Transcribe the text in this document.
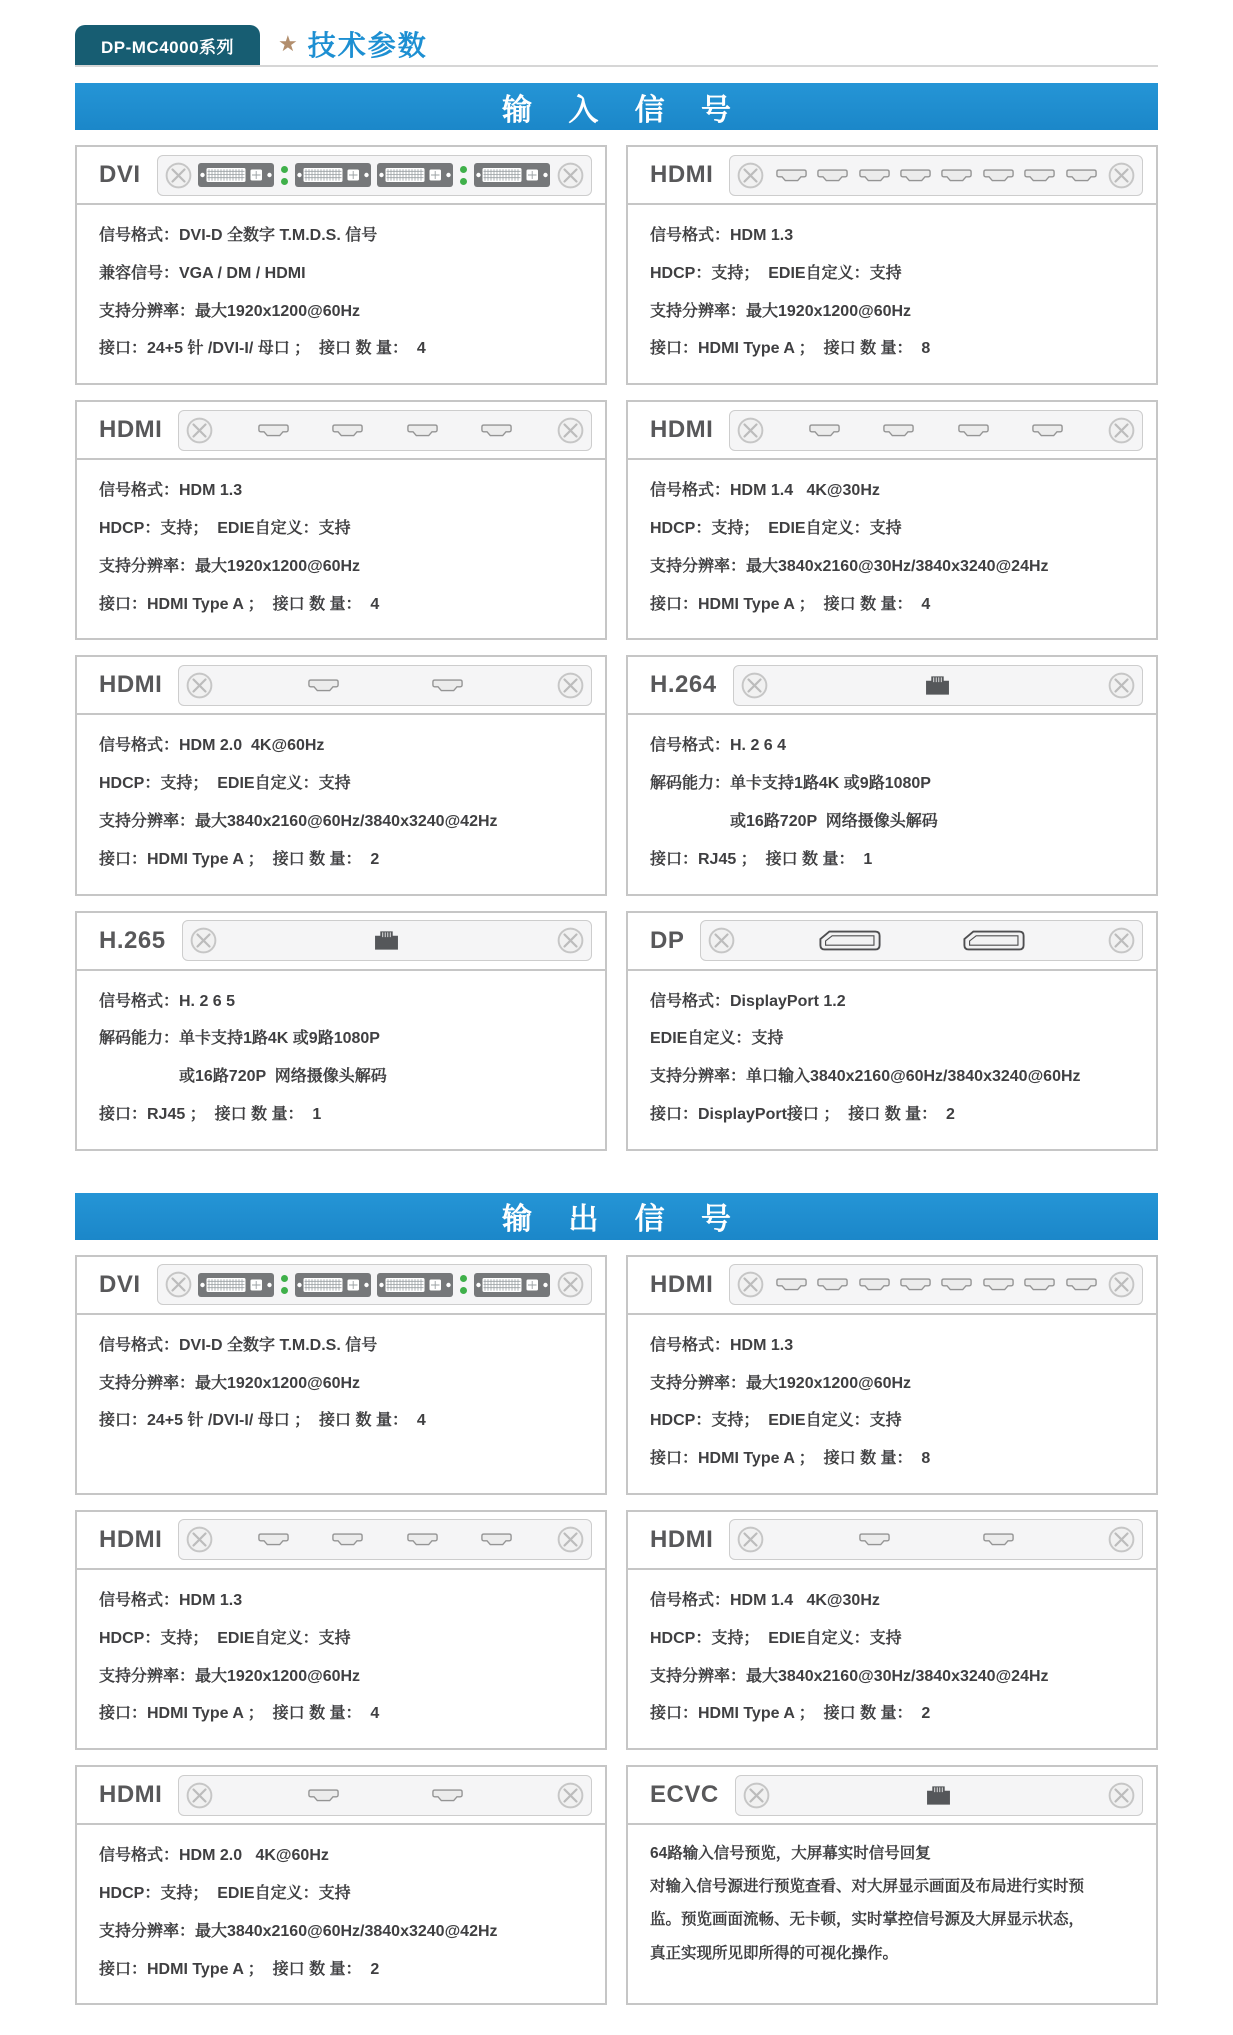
DP-MC4000系列	★ 技术参数
输 入 信 号
DVI

信号格式：DVI-D 全数字 T.M.D.S. 信号

兼容信号：VGA / DM / HDMI

支持分辨率：最大1920x1200@60Hz

接口：24+5 针 /DVI-I/ 母口 ；  接口 数 量：  4

HDMI

信号格式：HDM 1.3

HDCP：支持；  EDIE自定义：支持

支持分辨率：最大1920x1200@60Hz

接口：HDMI Type A ；  接口 数 量：  8

HDMI

信号格式：HDM 1.3

HDCP：支持；  EDIE自定义：支持

支持分辨率：最大1920x1200@60Hz

接口：HDMI Type A ；  接口 数 量：  4

HDMI

信号格式：HDM 1.4   4K@30Hz

HDCP：支持；  EDIE自定义：支持

支持分辨率：最大3840x2160@30Hz/3840x3240@24Hz

接口：HDMI Type A ；  接口 数 量：  4

HDMI

信号格式：HDM 2.0  4K@60Hz

HDCP：支持；  EDIE自定义：支持

支持分辨率：最大3840x2160@60Hz/3840x3240@42Hz

接口：HDMI Type A ；  接口 数 量：  2

H.264

信号格式：H. 2 6 4

解码能力：单卡支持1路4K 或9路1080P

　　　　　或16路720P  网络摄像头解码

接口：RJ45 ；  接口 数 量：  1

H.265

信号格式：H. 2 6 5

解码能力：单卡支持1路4K 或9路1080P

　　　　　或16路720P  网络摄像头解码

接口：RJ45 ；  接口 数 量：  1

DP

信号格式：DisplayPort 1.2

EDIE自定义：支持

支持分辨率：单口输入3840x2160@60Hz/3840x3240@60Hz

接口：DisplayPort接口 ；  接口 数 量：  2

输 出 信 号
DVI

信号格式：DVI-D 全数字 T.M.D.S. 信号

支持分辨率：最大1920x1200@60Hz

接口：24+5 针 /DVI-I/ 母口 ；  接口 数 量：  4

HDMI

信号格式：HDM 1.3

支持分辨率：最大1920x1200@60Hz

HDCP：支持；  EDIE自定义：支持

接口：HDMI Type A ；  接口 数 量：  8

HDMI

信号格式：HDM 1.3

HDCP：支持；  EDIE自定义：支持

支持分辨率：最大1920x1200@60Hz

接口：HDMI Type A ；  接口 数 量：  4

HDMI

信号格式：HDM 1.4   4K@30Hz

HDCP：支持；  EDIE自定义：支持

支持分辨率：最大3840x2160@30Hz/3840x3240@24Hz

接口：HDMI Type A ；  接口 数 量：  2

HDMI

信号格式：HDM 2.0   4K@60Hz

HDCP：支持；  EDIE自定义：支持

支持分辨率：最大3840x2160@60Hz/3840x3240@42Hz

接口：HDMI Type A ；  接口 数 量：  2

ECVC

64路输入信号预览，大屏幕实时信号回复

对输入信号源进行预览查看、对大屏显示画面及布局进行实时预

监。预览画面流畅、无卡顿，实时掌控信号源及大屏显示状态，

真正实现所见即所得的可视化操作。
